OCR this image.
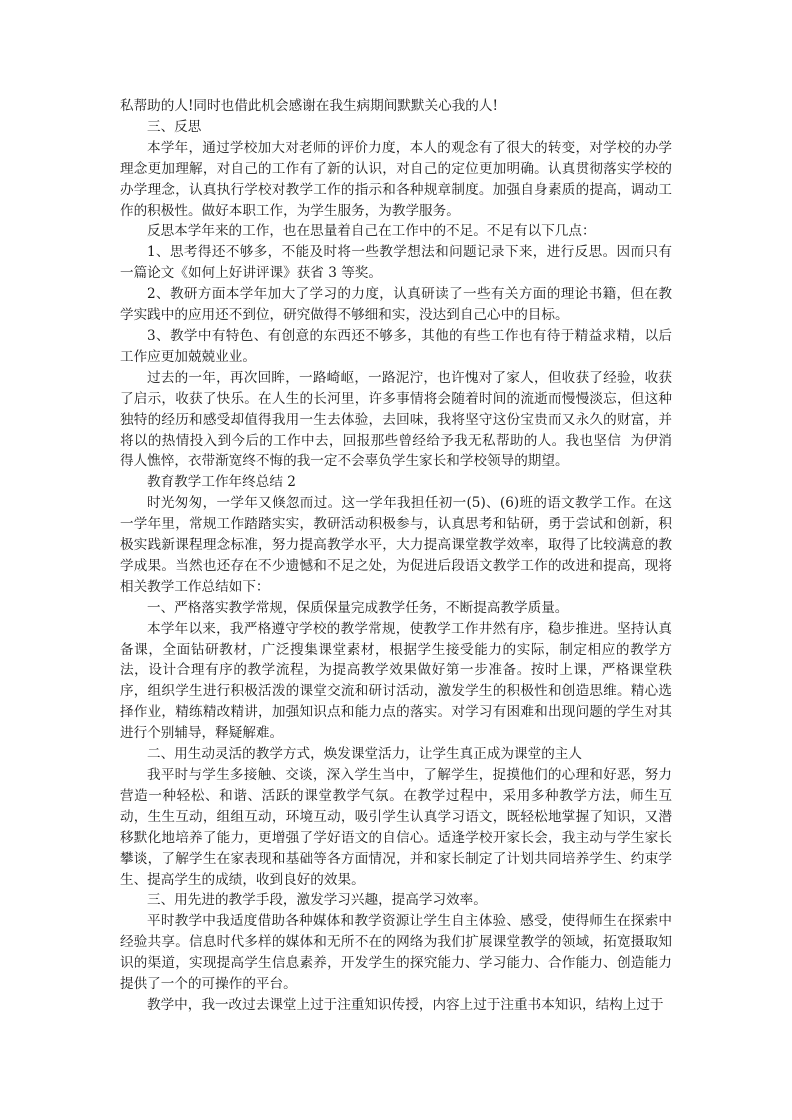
私帮助的人!同时也借此机会感谢在我生病期间默默关心我的人!

三、反思

本学年，通过学校加大对老师的评价力度，本人的观念有了很大的转变，对学校的办学理念更加理解，对自己的工作有了新的认识，对自己的定位更加明确。认真贯彻落实学校的办学理念，认真执行学校对教学工作的指示和各种规章制度。加强自身素质的提高，调动工作的积极性。做好本职工作，为学生服务，为教学服务。

反思本学年来的工作，也在思量着自己在工作中的不足。不足有以下几点：

1、思考得还不够多，不能及时将一些教学想法和问题记录下来，进行反思。因而只有一篇论文《如何上好讲评课》获省 3 等奖。

2、教研方面本学年加大了学习的力度，认真研读了一些有关方面的理论书籍，但在教学实践中的应用还不到位，研究做得不够细和实，没达到自己心中的目标。

3、教学中有特色、有创意的东西还不够多，其他的有些工作也有待于精益求精，以后工作应更加兢兢业业。

过去的一年，再次回眸，一路崎岖，一路泥泞，也许愧对了家人，但收获了经验，收获了启示，收获了快乐。在人生的长河里，许多事情将会随着时间的流逝而慢慢淡忘，但这种独特的经历和感受却值得我用一生去体验，去回味，我将坚守这份宝贵而又永久的财富，并将以的热情投入到今后的工作中去，回报那些曾经给予我无私帮助的人。我也坚信  为伊消得人憔悴，衣带渐宽终不悔的我一定不会辜负学生家长和学校领导的期望。

教育教学工作年终总结 2

时光匆匆，一学年又倏忽而过。这一学年我担任初一(5)、(6)班的语文教学工作。在这一学年里，常规工作踏踏实实，教研活动积极参与，认真思考和钻研，勇于尝试和创新，积极实践新课程理念标准，努力提高教学水平，大力提高课堂教学效率，取得了比较满意的教学成果。当然也还存在不少遗憾和不足之处，为促进后段语文教学工作的改进和提高，现将相关教学工作总结如下：

一、严格落实教学常规，保质保量完成教学任务，不断提高教学质量。

本学年以来，我严格遵守学校的教学常规，使教学工作井然有序，稳步推进。坚持认真备课，全面钻研教材，广泛搜集课堂素材，根据学生接受能力的实际，制定相应的教学方法，设计合理有序的教学流程，为提高教学效果做好第一步准备。按时上课，严格课堂秩序，组织学生进行积极活泼的课堂交流和研讨活动，激发学生的积极性和创造思维。精心选择作业，精练精改精讲，加强知识点和能力点的落实。对学习有困难和出现问题的学生对其进行个别辅导，释疑解难。

二、用生动灵活的教学方式，焕发课堂活力，让学生真正成为课堂的主人

我平时与学生多接触、交谈，深入学生当中，了解学生，捉摸他们的心理和好恶，努力营造一种轻松、和谐、活跃的课堂教学气氛。在教学过程中，采用多种教学方法，师生互动，生生互动，组组互动，环境互动，吸引学生认真学习语文，既轻松地掌握了知识，又潜移默化地培养了能力，更增强了学好语文的自信心。适逢学校开家长会，我主动与学生家长攀谈，了解学生在家表现和基础等各方面情况，并和家长制定了计划共同培养学生、约束学生、提高学生的成绩，收到良好的效果。

三、用先进的教学手段，激发学习兴趣，提高学习效率。

平时教学中我适度借助各种媒体和教学资源让学生自主体验、感受，使得师生在探索中经验共享。信息时代多样的媒体和无所不在的网络为我们扩展课堂教学的领域，拓宽摄取知识的渠道，实现提高学生信息素养，开发学生的探究能力、学习能力、合作能力、创造能力提供了一个的可操作的平台。

教学中，我一改过去课堂上过于注重知识传授，内容上过于注重书本知识，结构上过于
